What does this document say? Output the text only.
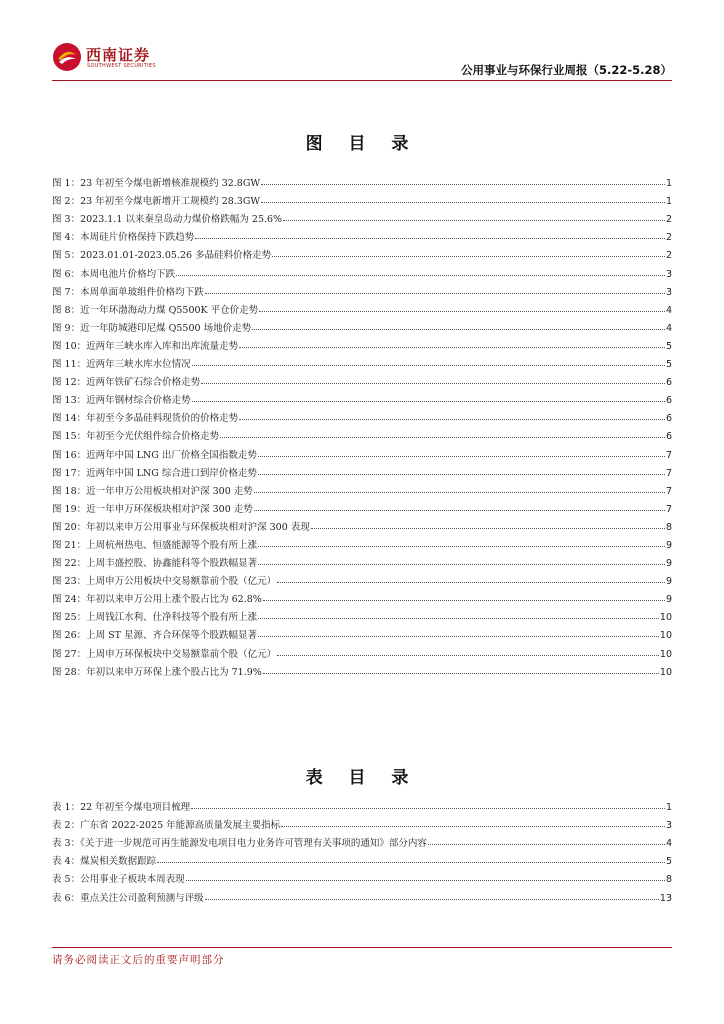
西南证券
SOUTHWEST SECURITIES	公用事业与环保行业周报（5.22-5.28）
图 目 录
图 1：23 年初至今煤电新增核准规模约 32.8GW	1
图 2：23 年初至今煤电新增开工规模约 28.3GW	1
图 3：2023.1.1 以来秦皇岛动力煤价格跌幅为 25.6%	2
图 4：本周硅片价格保持下跌趋势	2
图 5：2023.01.01-2023.05.26 多晶硅料价格走势	2
图 6：本周电池片价格均下跌	3
图 7：本周单面单玻组件价格均下跌	3
图 8：近一年环渤海动力煤 Q5500K 平仓价走势	4
图 9：近一年防城港印尼煤 Q5500 场地价走势	4
图 10：近两年三峡水库入库和出库流量走势	5
图 11：近两年三峡水库水位情况	5
图 12：近两年铁矿石综合价格走势	6
图 13：近两年钢材综合价格走势	6
图 14：年初至今多晶硅料现货价的价格走势	6
图 15：年初至今光伏组件综合价格走势	6
图 16：近两年中国 LNG 出厂价格全国指数走势	7
图 17：近两年中国 LNG 综合进口到岸价格走势	7
图 18：近一年申万公用板块相对沪深 300 走势	7
图 19：近一年申万环保板块相对沪深 300 走势	7
图 20：年初以来申万公用事业与环保板块相对沪深 300 表现	8
图 21：上周杭州热电、恒盛能源等个股有所上涨	9
图 22：上周丰盛控股、协鑫能科等个股跌幅显著	9
图 23：上周申万公用板块中交易额靠前个股（亿元）	9
图 24：年初以来申万公用上涨个股占比为 62.8%	9
图 25：上周钱江水利、仕净科技等个股有所上涨	10
图 26：上周 ST 星源、齐合环保等个股跌幅显著	10
图 27：上周申万环保板块中交易额靠前个股（亿元）	10
图 28：年初以来申万环保上涨个股占比为 71.9%	10
表 目 录
表 1：22 年初至今煤电项目梳理	1
表 2：广东省 2022-2025 年能源高质量发展主要指标	3
表 3：《关于进一步规范可再生能源发电项目电力业务许可管理有关事项的通知》部分内容	4
表 4：煤炭相关数据跟踪	5
表 5：公用事业子板块本周表现	8
表 6：重点关注公司盈利预测与评级	13
请务必阅读正文后的重要声明部分
